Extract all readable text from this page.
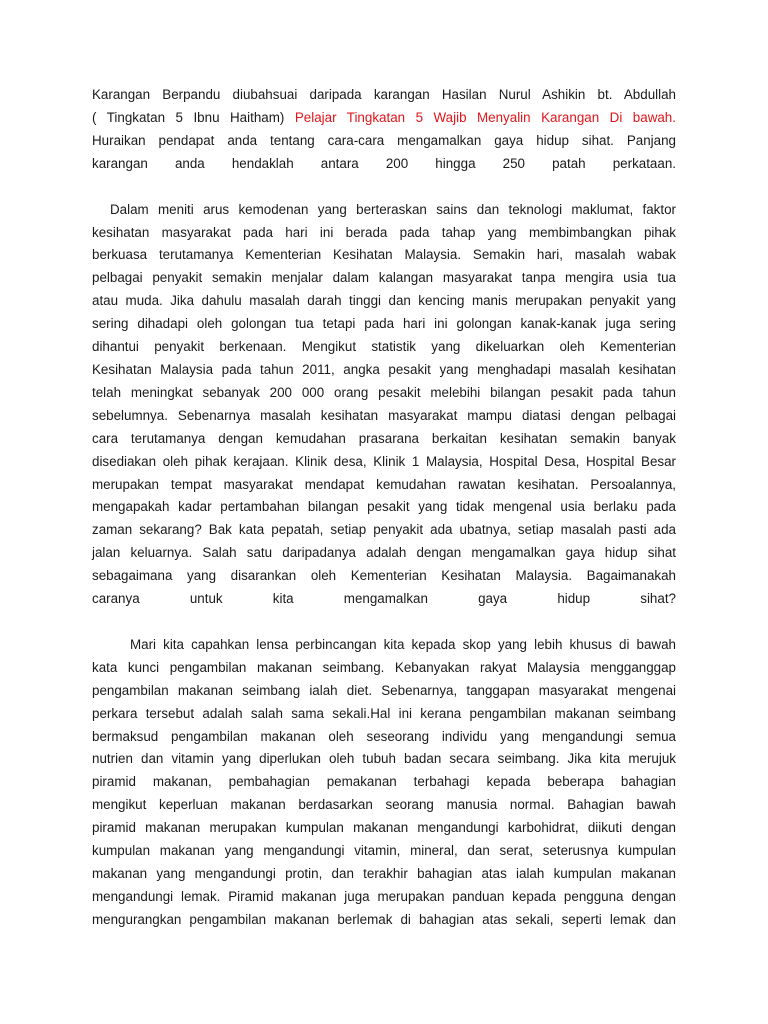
Karangan Berpandu diubahsuai daripada karangan Hasilan Nurul Ashikin bt. Abdullah
( Tingkatan 5 Ibnu Haitham) Pelajar Tingkatan 5 Wajib Menyalin Karangan Di bawah.
Huraikan pendapat anda tentang cara-cara mengamalkan gaya hidup sihat. Panjang
karangan anda hendaklah antara 200 hingga 250 patah perkataan.
Dalam meniti arus kemodenan yang berteraskan sains dan teknologi maklumat, faktor
kesihatan masyarakat pada hari ini berada pada tahap yang membimbangkan pihak
berkuasa terutamanya Kementerian Kesihatan Malaysia. Semakin hari, masalah wabak
pelbagai penyakit semakin menjalar dalam kalangan masyarakat tanpa mengira usia tua
atau muda. Jika dahulu masalah darah tinggi dan kencing manis merupakan penyakit yang
sering dihadapi oleh golongan tua tetapi pada hari ini golongan kanak-kanak juga sering
dihantui penyakit berkenaan. Mengikut statistik yang dikeluarkan oleh Kementerian
Kesihatan Malaysia pada tahun 2011, angka pesakit yang menghadapi masalah kesihatan
telah meningkat sebanyak 200 000 orang pesakit melebihi bilangan pesakit pada tahun
sebelumnya. Sebenarnya masalah kesihatan masyarakat mampu diatasi dengan pelbagai
cara terutamanya dengan kemudahan prasarana berkaitan kesihatan semakin banyak
disediakan oleh pihak kerajaan. Klinik desa, Klinik 1 Malaysia, Hospital Desa, Hospital Besar
merupakan tempat masyarakat mendapat kemudahan rawatan kesihatan. Persoalannya,
mengapakah kadar pertambahan bilangan pesakit yang tidak mengenal usia berlaku pada
zaman sekarang? Bak kata pepatah, setiap penyakit ada ubatnya, setiap masalah pasti ada
jalan keluarnya. Salah satu daripadanya adalah dengan mengamalkan gaya hidup sihat
sebagaimana yang disarankan oleh Kementerian Kesihatan Malaysia. Bagaimanakah
caranya untuk kita mengamalkan gaya hidup sihat?
Mari kita capahkan lensa perbincangan kita kepada skop yang lebih khusus di bawah
kata kunci pengambilan makanan seimbang. Kebanyakan rakyat Malaysia mengganggap
pengambilan makanan seimbang ialah diet. Sebenarnya, tanggapan masyarakat mengenai
perkara tersebut adalah salah sama sekali.Hal ini kerana pengambilan makanan seimbang
bermaksud pengambilan makanan oleh seseorang individu yang mengandungi semua
nutrien dan vitamin yang diperlukan oleh tubuh badan secara seimbang. Jika kita merujuk
piramid makanan, pembahagian pemakanan terbahagi kepada beberapa bahagian
mengikut keperluan makanan berdasarkan seorang manusia normal. Bahagian bawah
piramid makanan merupakan kumpulan makanan mengandungi karbohidrat, diikuti dengan
kumpulan makanan yang mengandungi vitamin, mineral, dan serat, seterusnya kumpulan
makanan yang mengandungi protin, dan terakhir bahagian atas ialah kumpulan makanan
mengandungi lemak. Piramid makanan juga merupakan panduan kepada pengguna dengan
mengurangkan pengambilan makanan berlemak di bahagian atas sekali, seperti lemak dan
